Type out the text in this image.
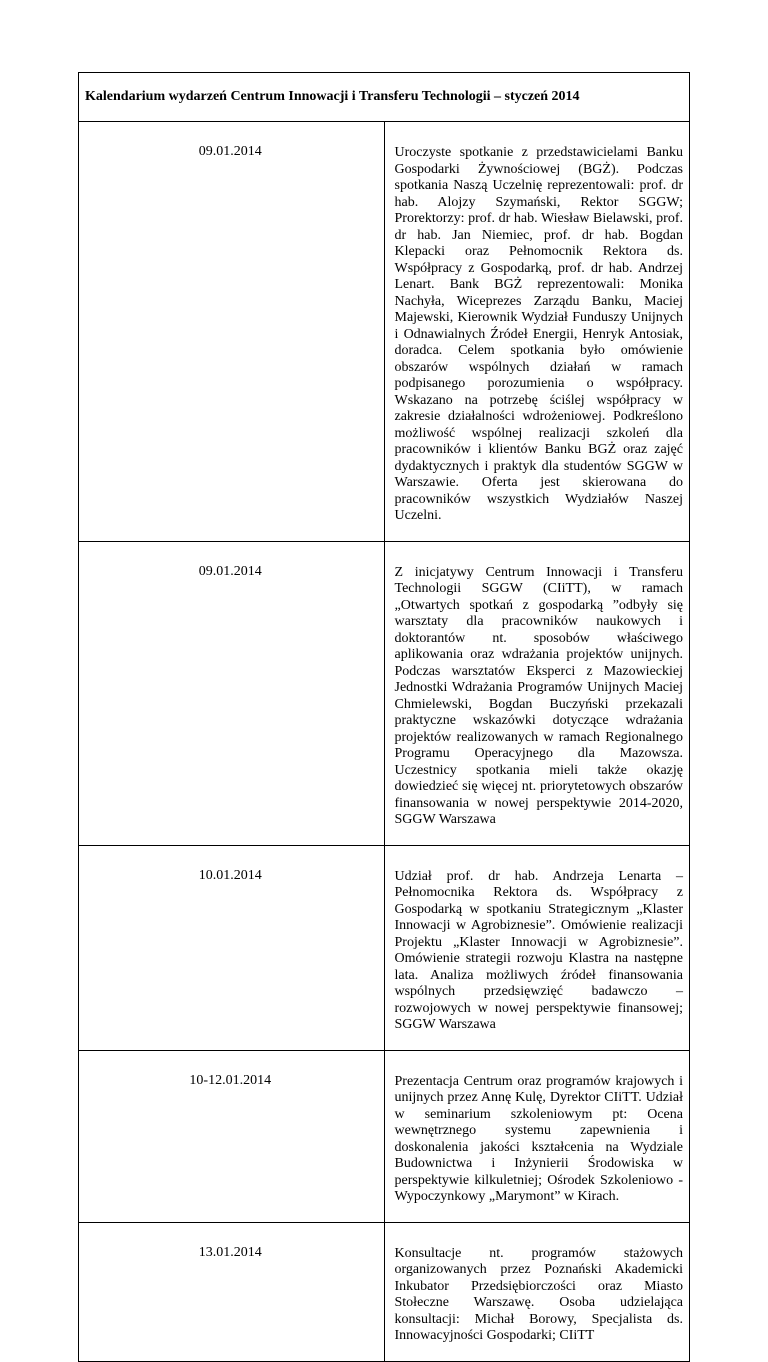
Kalendarium wydarzeń Centrum Innowacji i Transferu Technologii – styczeń 2014	

09.01.2014	Uroczyste spotkanie z przedstawicielami Banku Gospodarki Żywnościowej (BGŻ). Podczas spotkania Naszą Uczelnię reprezentowali: prof. dr hab. Alojzy Szymański, Rektor SGGW; Prorektorzy: prof. dr hab. Wiesław Bielawski, prof. dr hab. Jan Niemiec, prof. dr hab. Bogdan Klepacki oraz Pełnomocnik Rektora ds. Współpracy z Gospodarką, prof. dr hab. Andrzej Lenart. Bank BGŻ reprezentowali: Monika Nachyła, Wiceprezes Zarządu Banku, Maciej Majewski, Kierownik Wydział Funduszy Unijnych i Odnawialnych Źródeł Energii, Henryk Antosiak, doradca. Celem spotkania było omówienie obszarów wspólnych działań w ramach podpisanego porozumienia o współpracy. Wskazano na potrzebę ściślej współpracy w zakresie działalności wdrożeniowej. Podkreślono możliwość wspólnej realizacji szkoleń dla pracowników i klientów Banku BGŻ oraz zajęć dydaktycznych i praktyk dla studentów SGGW w Warszawie. Oferta jest skierowana do pracowników wszystkich Wydziałów Naszej Uczelni.

09.01.2014	Z inicjatywy Centrum Innowacji i Transferu Technologii SGGW (CIiTT), w ramach „Otwartych spotkań z gospodarką ”odbyły się warsztaty dla pracowników naukowych i doktorantów nt. sposobów właściwego aplikowania oraz wdrażania projektów unijnych. Podczas warsztatów Eksperci z Mazowieckiej Jednostki Wdrażania Programów Unijnych Maciej Chmielewski, Bogdan Buczyński przekazali praktyczne wskazówki dotyczące wdrażania projektów realizowanych w ramach Regionalnego Programu Operacyjnego dla Mazowsza. Uczestnicy spotkania mieli także okazję dowiedzieć się więcej nt. priorytetowych obszarów finansowania w nowej perspektywie 2014-2020, SGGW Warszawa

10.01.2014	Udział prof. dr hab. Andrzeja Lenarta – Pełnomocnika Rektora ds. Współpracy z Gospodarką w spotkaniu Strategicznym „Klaster Innowacji w Agrobiznesie”. Omówienie realizacji Projektu „Klaster Innowacji w Agrobiznesie”. Omówienie strategii rozwoju Klastra na następne lata. Analiza możliwych źródeł finansowania wspólnych przedsięwzięć badawczo – rozwojowych w nowej perspektywie finansowej; SGGW Warszawa

10-12.01.2014	Prezentacja Centrum oraz programów krajowych i unijnych przez Annę Kulę, Dyrektor CIiTT. Udział w seminarium szkoleniowym pt: Ocena wewnętrznego systemu zapewnienia i doskonalenia jakości kształcenia na Wydziale Budownictwa i Inżynierii Środowiska w perspektywie kilkuletniej; Ośrodek Szkoleniowo - Wypoczynkowy „Marymont” w Kirach.

13.01.2014	Konsultacje nt. programów stażowych organizowanych przez Poznański Akademicki Inkubator Przedsiębiorczości oraz Miasto Stołeczne Warszawę. Osoba udzielająca konsultacji: Michał Borowy, Specjalista ds. Innowacyjności Gospodarki; CIiTT
